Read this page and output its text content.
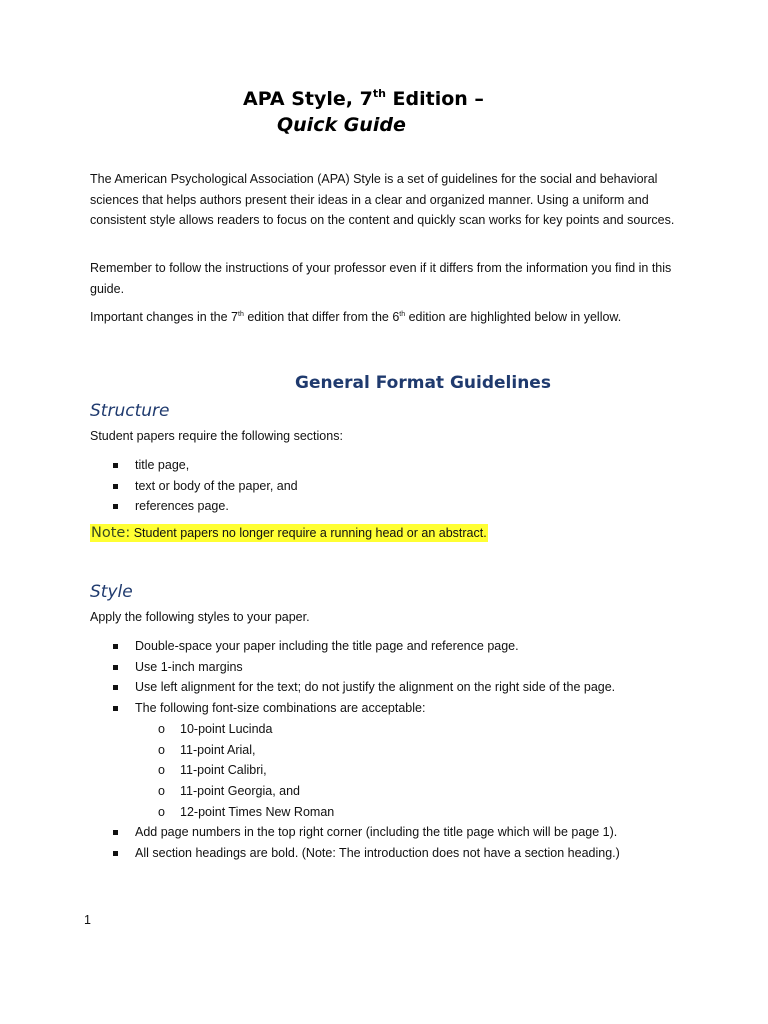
APA Style, 7th Edition –
Quick Guide

The American Psychological Association (APA) Style is a set of guidelines for the social and behavioral sciences that helps authors present their ideas in a clear and organized manner. Using a uniform and consistent style allows readers to focus on the content and quickly scan works for key points and sources.

Remember to follow the instructions of your professor even if it differs from the information you find in this guide.

Important changes in the 7th edition that differ from the 6th edition are highlighted below in yellow.

General Format Guidelines
Structure

Student papers require the following sections:

title page,
text or body of the paper, and
references page.
Note: Student papers no longer require a running head or an abstract.
Style

Apply the following styles to your paper.

Double-space your paper including the title page and reference page.
Use 1-inch margins
Use left alignment for the text; do not justify the alignment on the right side of the page.
The following font-size combinations are acceptable:
o 10-point Lucinda
o 11-point Arial,
o 11-point Calibri,
o 11-point Georgia, and
o 12-point Times New Roman
Add page numbers in the top right corner (including the title page which will be page 1).
All section headings are bold. (Note: The introduction does not have a section heading.)
1
